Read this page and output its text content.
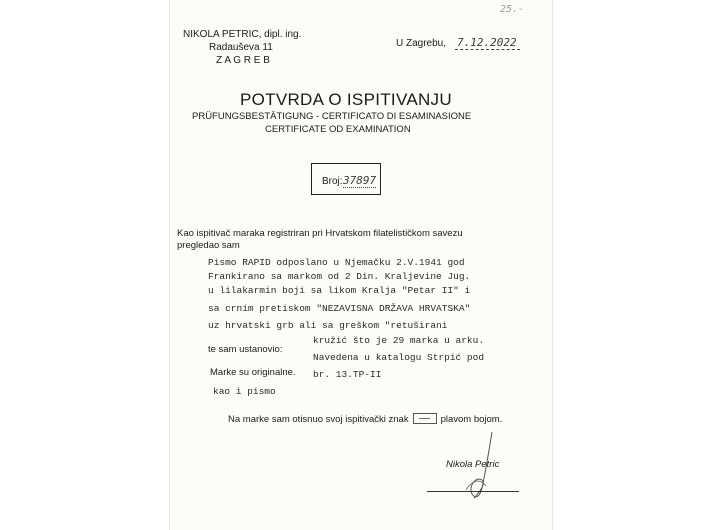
25.-
NIKOLA PETRIC, dipl. ing.
Radauševa 11
Z A G R E B
U Zagrebu, 7.12.2022
POTVRDA O ISPITIVANJU
PRÜFUNGSBESTÄTIGUNG - CERTIFICATO DI ESAMINASIONE
CERTIFICATE OD EXAMINATION
Broj: 37897
Kao ispitivač maraka registriran pri Hrvatskom filatelističkom savezu
pregledao sam
Pismo RAPID odposlano u Njemačku 2.V.1941 god
Frankirano sa markom od 2 Din. Kraljevine Jug.
u lilakarmin boji sa likom Kralja "Petar II" i
sa crnim pretiskom "NEZAVISNA DRŽAVA HRVATSKA"
uz hrvatski grb ali sa greškom "retuširani
te sam ustanovio:
kružić što je 29 marka u arku.
Navedena u katalogu Strpić pod
br. 13.TP-II
Marke su originalne.
kao i pismo
Na marke sam otisnuo svoj ispitivački znak	plavom bojom.
Nikola Petric
